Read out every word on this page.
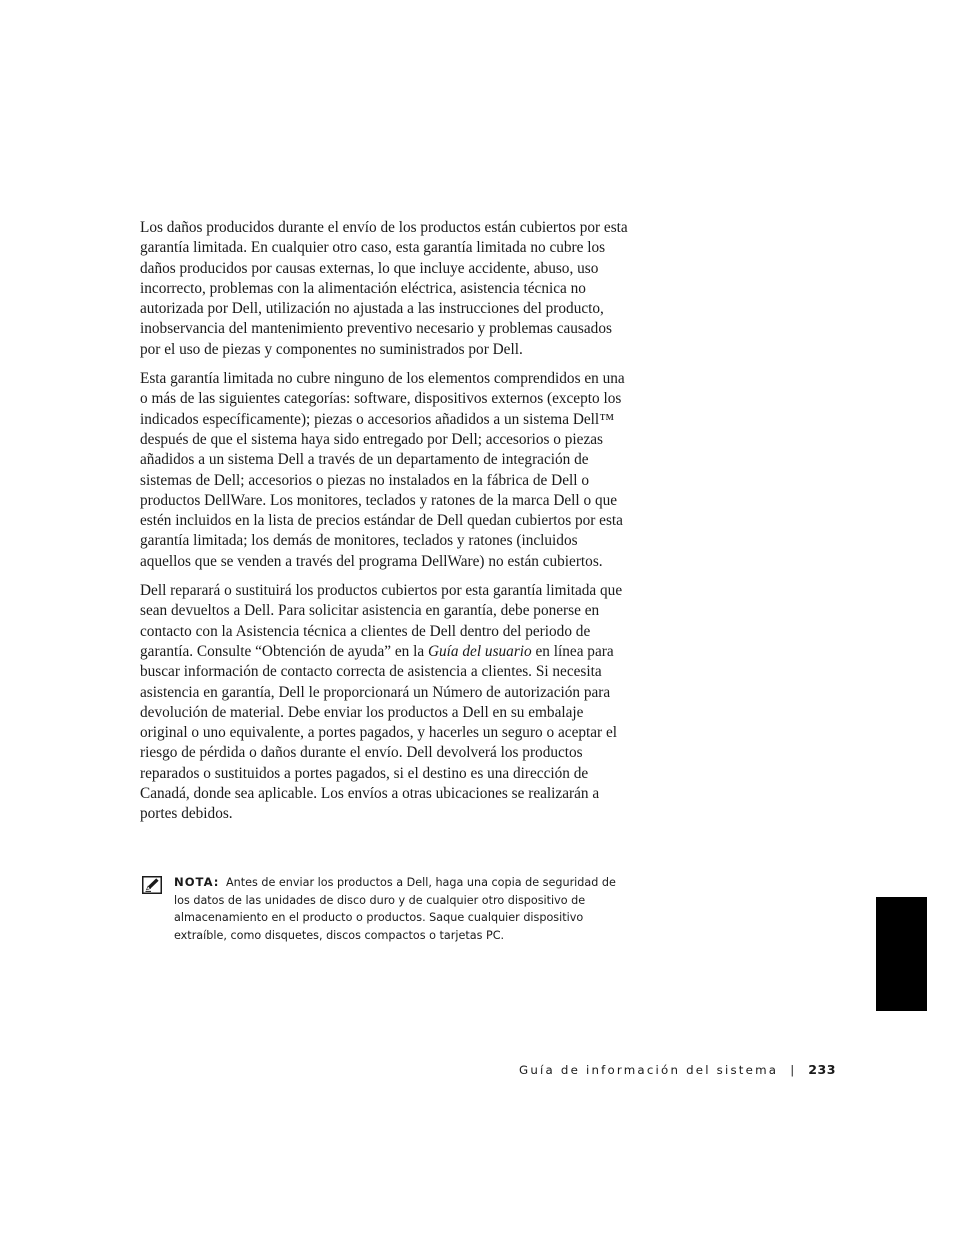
Los daños producidos durante el envío de los productos están cubiertos por esta garantía limitada. En cualquier otro caso, esta garantía limitada no cubre los daños producidos por causas externas, lo que incluye accidente, abuso, uso incorrecto, problemas con la alimentación eléctrica, asistencia técnica no autorizada por Dell, utilización no ajustada a las instrucciones del producto, inobservancia del mantenimiento preventivo necesario y problemas causados por el uso de piezas y componentes no suministrados por Dell.

Esta garantía limitada no cubre ninguno de los elementos comprendidos en una o más de las siguientes categorías: software, dispositivos externos (excepto los indicados específicamente); piezas o accesorios añadidos a un sistema Dell™ después de que el sistema haya sido entregado por Dell; accesorios o piezas añadidos a un sistema Dell a través de un departamento de integración de sistemas de Dell; accesorios o piezas no instalados en la fábrica de Dell o productos DellWare. Los monitores, teclados y ratones de la marca Dell o que estén incluidos en la lista de precios estándar de Dell quedan cubiertos por esta garantía limitada; los demás de monitores, teclados y ratones (incluidos aquellos que se venden a través del programa DellWare) no están cubiertos.

Dell reparará o sustituirá los productos cubiertos por esta garantía limitada que sean devueltos a Dell. Para solicitar asistencia en garantía, debe ponerse en contacto con la Asistencia técnica a clientes de Dell dentro del periodo de garantía. Consulte “Obtención de ayuda” en la Guía del usuario en línea para buscar información de contacto correcta de asistencia a clientes. Si necesita asistencia en garantía, Dell le proporcionará un Número de autorización para devolución de material. Debe enviar los productos a Dell en su embalaje original o uno equivalente, a portes pagados, y hacerles un seguro o aceptar el riesgo de pérdida o daños durante el envío. Dell devolverá los productos reparados o sustituidos a portes pagados, si el destino es una dirección de Canadá, donde sea aplicable. Los envíos a otras ubicaciones se realizarán a portes debidos.

NOTA: Antes de enviar los productos a Dell, haga una copia de seguridad de los datos de las unidades de disco duro y de cualquier otro dispositivo de almacenamiento en el producto o productos. Saque cualquier dispositivo extraíble, como disquetes, discos compactos o tarjetas PC.
Guía de información del sistema | 233
